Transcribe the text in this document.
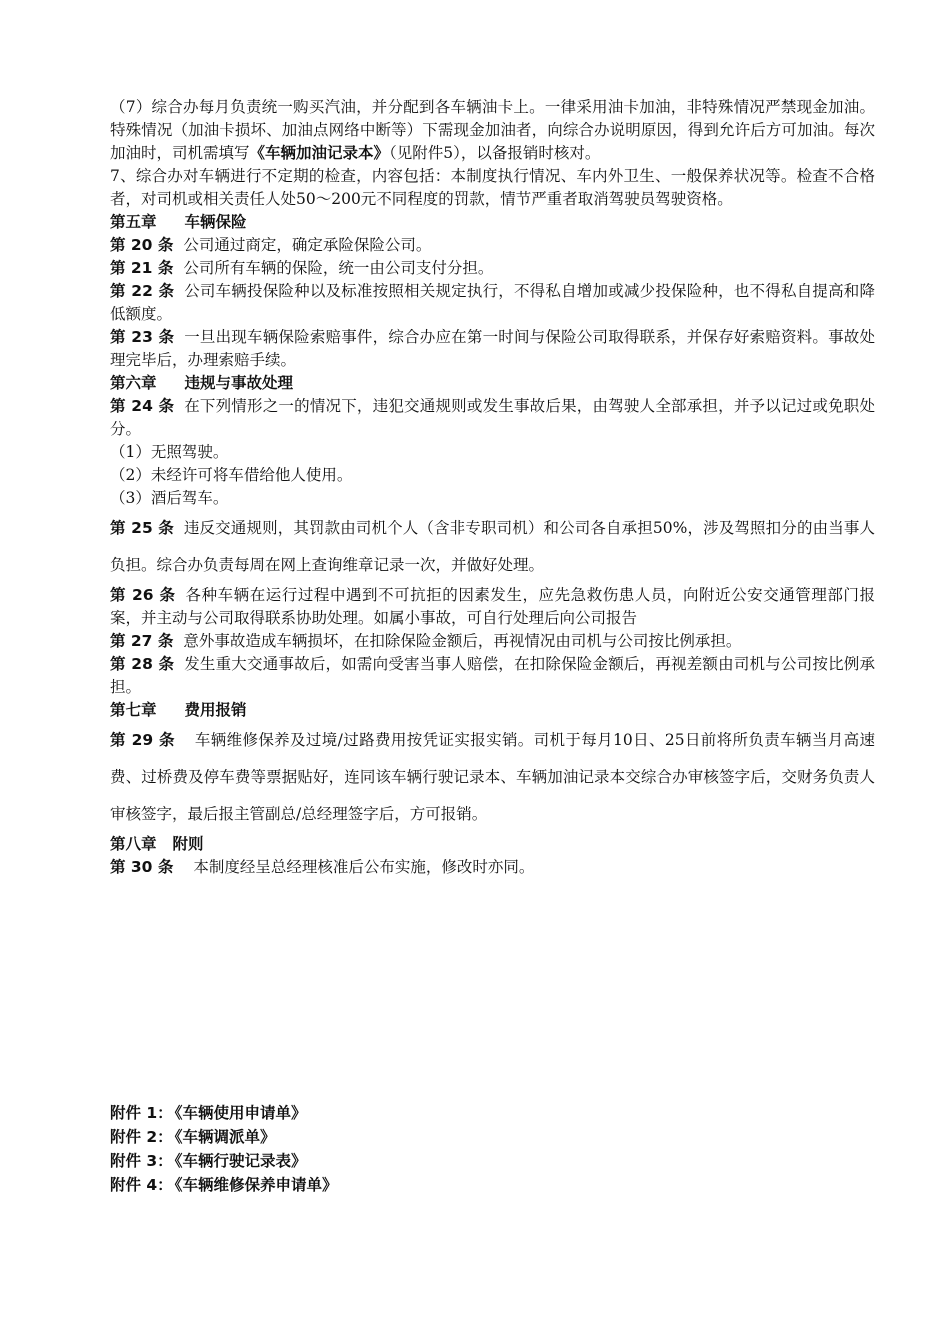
（7）综合办每月负责统一购买汽油，并分配到各车辆油卡上。一律采用油卡加油，非特殊情况严禁现金加油。特殊情况（加油卡损坏、加油点网络中断等）下需现金加油者，向综合办说明原因，得到允许后方可加油。每次加油时，司机需填写《车辆加油记录本》（见附件5），以备报销时核对。

7、综合办对车辆进行不定期的检查，内容包括：本制度执行情况、车内外卫生、一般保养状况等。检查不合格者，对司机或相关责任人处50～200元不同程度的罚款，情节严重者取消驾驶员驾驶资格。

第五章 车辆保险

第 20 条 公司通过商定，确定承险保险公司。

第 21 条 公司所有车辆的保险，统一由公司支付分担。

第 22 条 公司车辆投保险种以及标准按照相关规定执行，不得私自增加或减少投保险种，也不得私自提高和降低额度。

第 23 条 一旦出现车辆保险索赔事件，综合办应在第一时间与保险公司取得联系，并保存好索赔资料。事故处理完毕后，办理索赔手续。

第六章 违规与事故处理

第 24 条 在下列情形之一的情况下，违犯交通规则或发生事故后果，由驾驶人全部承担，并予以记过或免职处分。

（1）无照驾驶。

（2）未经许可将车借给他人使用。

（3）酒后驾车。

第 25 条 违反交通规则，其罚款由司机个人（含非专职司机）和公司各自承担50%，涉及驾照扣分的由当事人负担。综合办负责每周在网上查询维章记录一次，并做好处理。

第 26 条 各种车辆在运行过程中遇到不可抗拒的因素发生，应先急救伤患人员，向附近公安交通管理部门报案，并主动与公司取得联系协助处理。如属小事故，可自行处理后向公司报告

第 27 条 意外事故造成车辆损坏，在扣除保险金额后，再视情况由司机与公司按比例承担。

第 28 条 发生重大交通事故后，如需向受害当事人赔偿，在扣除保险金额后，再视差额由司机与公司按比例承担。

第七章 费用报销

第 29 条 车辆维修保养及过境/过路费用按凭证实报实销。司机于每月10日、25日前将所负责车辆当月高速费、过桥费及停车费等票据贴好，连同该车辆行驶记录本、车辆加油记录本交综合办审核签字后，交财务负责人审核签字，最后报主管副总/总经理签字后，方可报销。

第八章 附则

第 30 条 本制度经呈总经理核准后公布实施，修改时亦同。

附件 1： 《车辆使用申请单》
附件 2： 《车辆调派单》
附件 3： 《车辆行驶记录表》
附件 4： 《车辆维修保养申请单》
